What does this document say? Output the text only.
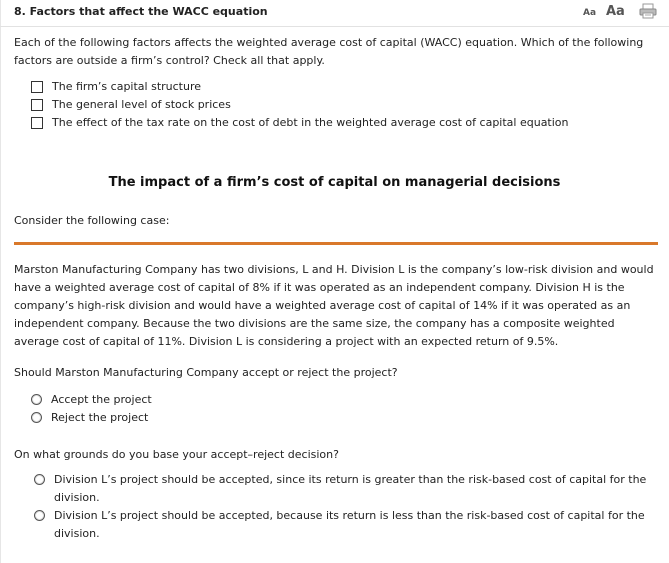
8. Factors that affect the WACC equation	Aa Aa

Each of the following factors affects the weighted average cost of capital (WACC) equation. Which of the following factors are outside a firm’s control? Check all that apply.

The firm’s capital structure
The general level of stock prices
The effect of the tax rate on the cost of debt in the weighted average cost of capital equation
The impact of a firm’s cost of capital on managerial decisions

Consider the following case:

Marston Manufacturing Company has two divisions, L and H. Division L is the company’s low-risk division and would have a weighted average cost of capital of 8% if it was operated as an independent company. Division H is the company’s high-risk division and would have a weighted average cost of capital of 14% if it was operated as an independent company. Because the two divisions are the same size, the company has a composite weighted average cost of capital of 11%. Division L is considering a project with an expected return of 9.5%.

Should Marston Manufacturing Company accept or reject the project?

Accept the project
Reject the project

On what grounds do you base your accept–reject decision?

Division L’s project should be accepted, since its return is greater than the risk-based cost of capital for the division.
Division L’s project should be accepted, because its return is less than the risk-based cost of capital for the division.
